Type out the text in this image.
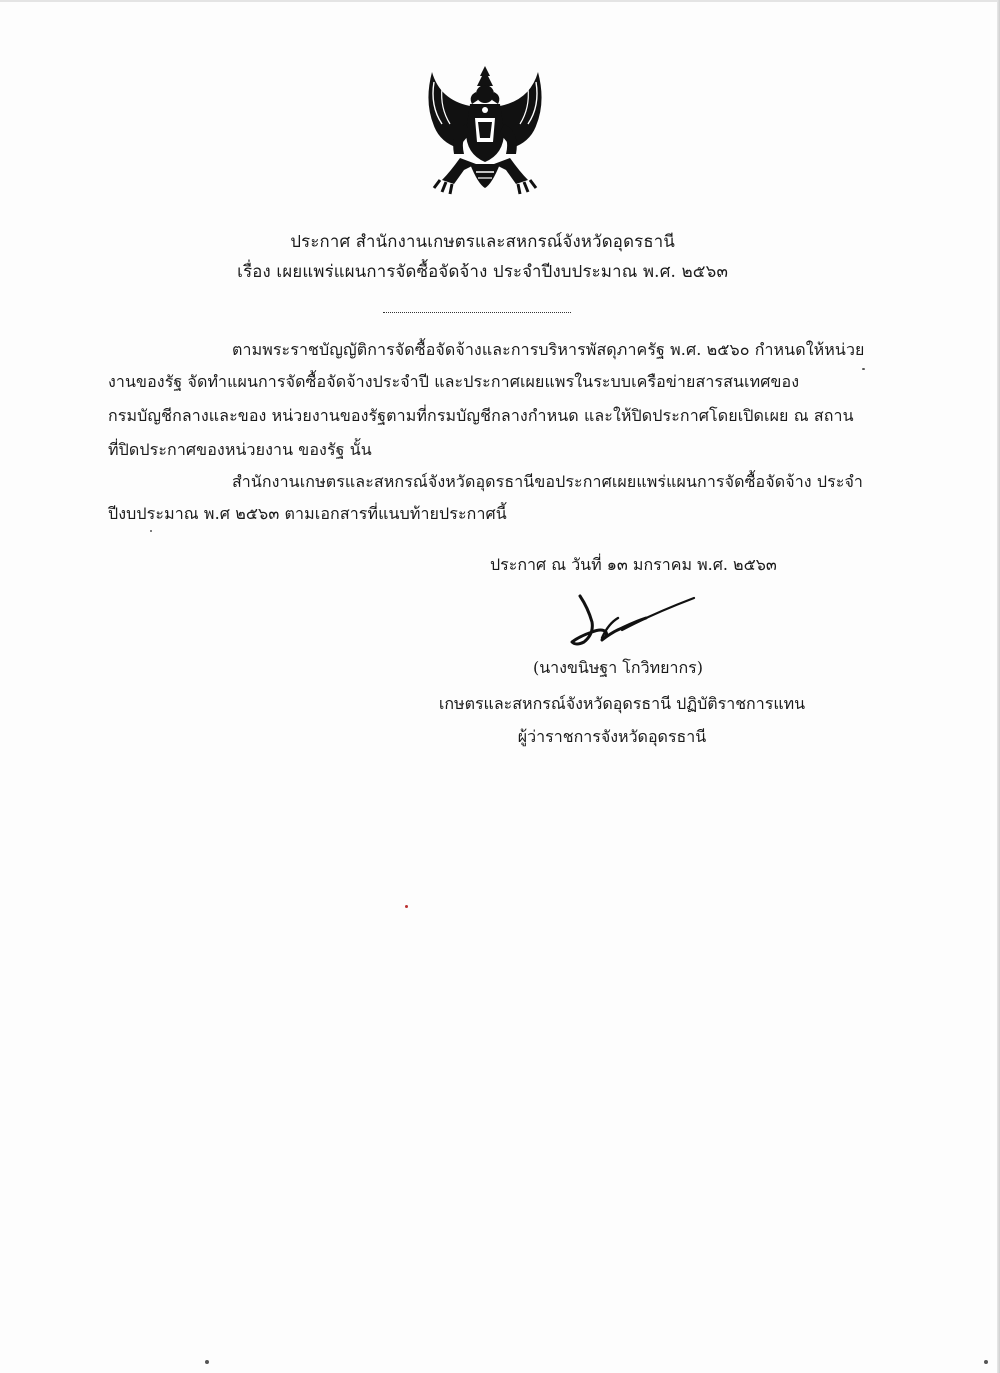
ประกาศ สำนักงานเกษตรและสหกรณ์จังหวัดอุดรธานี
เรื่อง เผยแพร่แผนการจัดซื้อจัดจ้าง ประจำปีงบประมาณ พ.ศ. ๒๕๖๓
ตามพระราชบัญญัติการจัดซื้อจัดจ้างและการบริหารพัสดุภาครัฐ พ.ศ. ๒๕๖๐ กำหนดให้หน่วย
งานของรัฐ จัดทำแผนการจัดซื้อจัดจ้างประจำปี และประกาศเผยแพรในระบบเครือข่ายสารสนเทศของ
กรมบัญชีกลางและของ หน่วยงานของรัฐตามที่กรมบัญชีกลางกำหนด และให้ปิดประกาศโดยเปิดเผย ณ สถาน
ที่ปิดประกาศของหน่วยงาน ของรัฐ นั้น
สำนักงานเกษตรและสหกรณ์จังหวัดอุดรธานีขอประกาศเผยแพร่แผนการจัดซื้อจัดจ้าง ประจำ
ปีงบประมาณ พ.ศ ๒๕๖๓ ตามเอกสารที่แนบท้ายประกาศนี้
ประกาศ ณ วันที่ ๑๓ มกราคม พ.ศ. ๒๕๖๓
(นางขนิษฐา โกวิทยากร)
เกษตรและสหกรณ์จังหวัดอุดรธานี ปฏิบัติราชการแทน
ผู้ว่าราชการจังหวัดอุดรธานี
